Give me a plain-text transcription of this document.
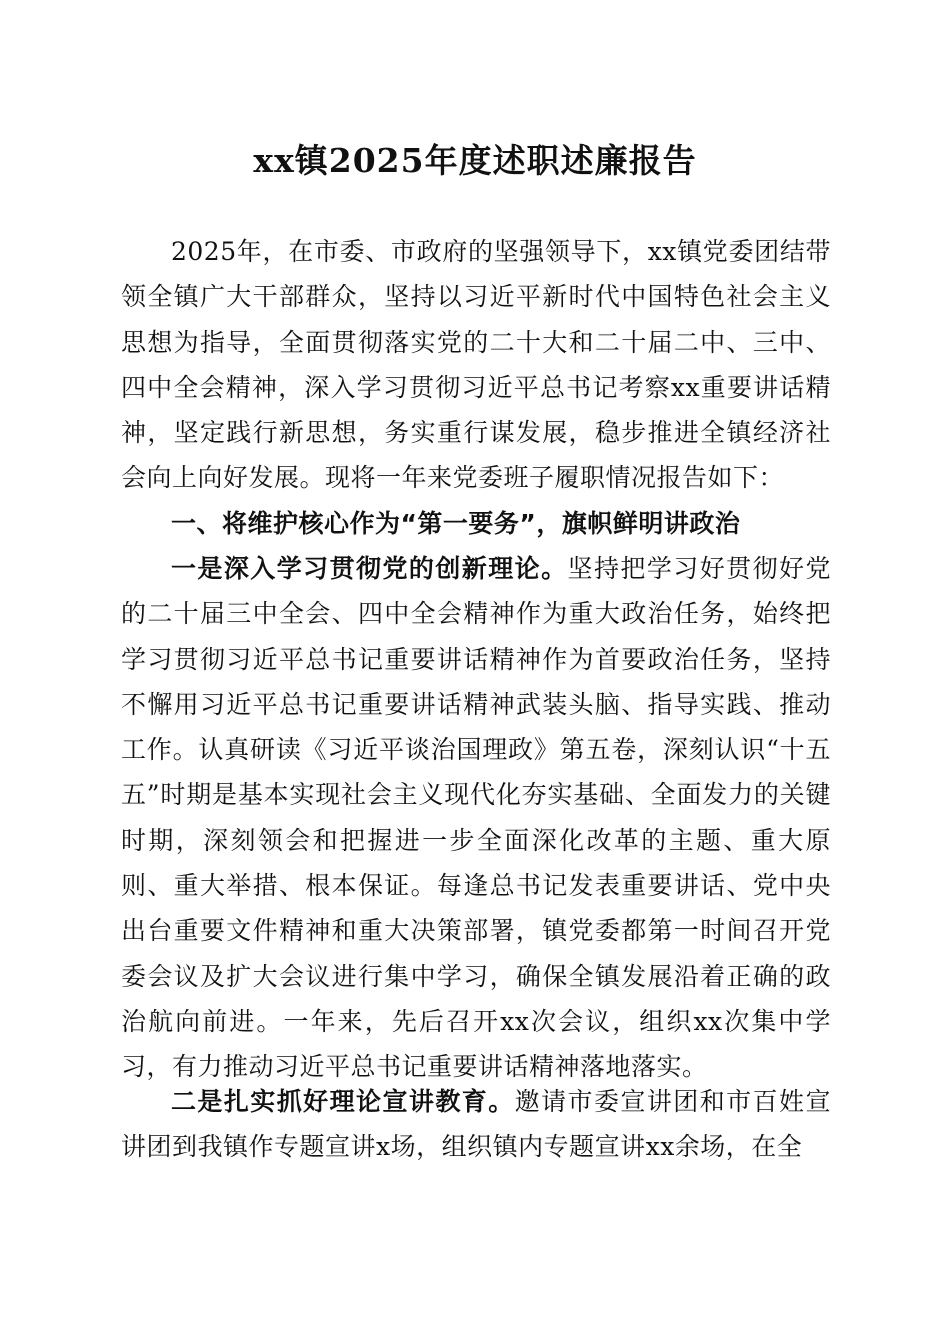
xx镇2025年度述职述廉报告

2025年，在市委、市政府的坚强领导下，xx镇党委团结带领全镇广大干部群众，坚持以习近平新时代中国特色社会主义思想为指导，全面贯彻落实党的二十大和二十届二中、三中、四中全会精神，深入学习贯彻习近平总书记考察xx重要讲话精神，坚定践行新思想，务实重行谋发展，稳步推进全镇经济社会向上向好发展。现将一年来党委班子履职情况报告如下：

一、将维护核心作为“第一要务”，旗帜鲜明讲政治

一是深入学习贯彻党的创新理论。坚持把学习好贯彻好党的二十届三中全会、四中全会精神作为重大政治任务，始终把学习贯彻习近平总书记重要讲话精神作为首要政治任务，坚持不懈用习近平总书记重要讲话精神武装头脑、指导实践、推动工作。认真研读《习近平谈治国理政》第五卷，深刻认识“十五五”时期是基本实现社会主义现代化夯实基础、全面发力的关键时期，深刻领会和把握进一步全面深化改革的主题、重大原则、重大举措、根本保证。每逢总书记发表重要讲话、党中央出台重要文件精神和重大决策部署，镇党委都第一时间召开党委会议及扩大会议进行集中学习，确保全镇发展沿着正确的政治航向前进。一年来，先后召开xx次会议，组织xx次集中学习，有力推动习近平总书记重要讲话精神落地落实。

二是扎实抓好理论宣讲教育。邀请市委宣讲团和市百姓宣讲团到我镇作专题宣讲x场，组织镇内专题宣讲xx余场，在全
